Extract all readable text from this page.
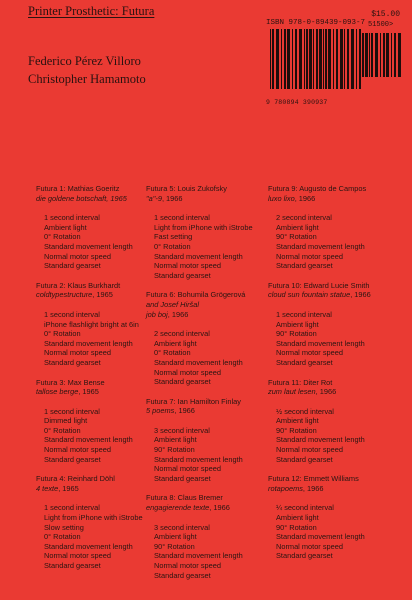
Printer Prosthetic: Futura
Federico Pérez Villoro
Christopher Hamamoto
$15.00
ISBN 978-0-89439-093-7 51500>
9 780894 390937
Futura 1: Mathias Goeritz
die goldene botschaft, 1965
1 second interval
Ambient light
0° Rotation
Standard movement length
Normal motor speed
Standard gearset
Futura 2: Klaus Burkhardt
coldtypestructure, 1965
1 second interval
iPhone flashlight bright at 6in
0° Rotation
Standard movement length
Normal motor speed
Standard gearset
Futura 3: Max Bense
tallose berge, 1965
1 second interval
Dimmed light
0° Rotation
Standard movement length
Normal motor speed
Standard gearset
Futura 4: Reinhard Döhl
4 texte, 1965
1 second interval
Light from iPhone with iStrobe
Slow setting
0° Rotation
Standard movement length
Normal motor speed
Standard gearset
Futura 5: Louis Zukofsky
"a"-9, 1966
1 second interval
Light from iPhone with iStrobe
Fast setting
0° Rotation
Standard movement length
Normal motor speed
Standard gearset
Futura 6: Bohumila Grögerová
and Josef Hiršal
job boj, 1966
2 second interval
Ambient light
0° Rotation
Standard movement length
Normal motor speed
Standard gearset
Futura 7: Ian Hamilton Finlay
5 poems, 1966
3 second interval
Ambient light
90° Rotation
Standard movement length
Normal motor speed
Standard gearset
Futura 8: Claus Bremer
engagierende texte, 1966
3 second interval
Ambient light
90° Rotation
Standard movement length
Normal motor speed
Standard gearset
Futura 9: Augusto de Campos
luxo lixo, 1966
2 second interval
Ambient light
90° Rotation
Standard movement length
Normal motor speed
Standard gearset
Futura 10: Edward Lucie Smith
cloud sun fountain statue, 1966
1 second interval
Ambient light
90° Rotation
Standard movement length
Normal motor speed
Standard gearset
Futura 11: Diter Rot
zum laut lesen, 1966
½ second interval
Ambient light
90° Rotation
Standard movement length
Normal motor speed
Standard gearset
Futura 12: Emmett Williams
rotapoems, 1966
¼ second interval
Ambient light
90° Rotation
Standard movement length
Normal motor speed
Standard gearset
